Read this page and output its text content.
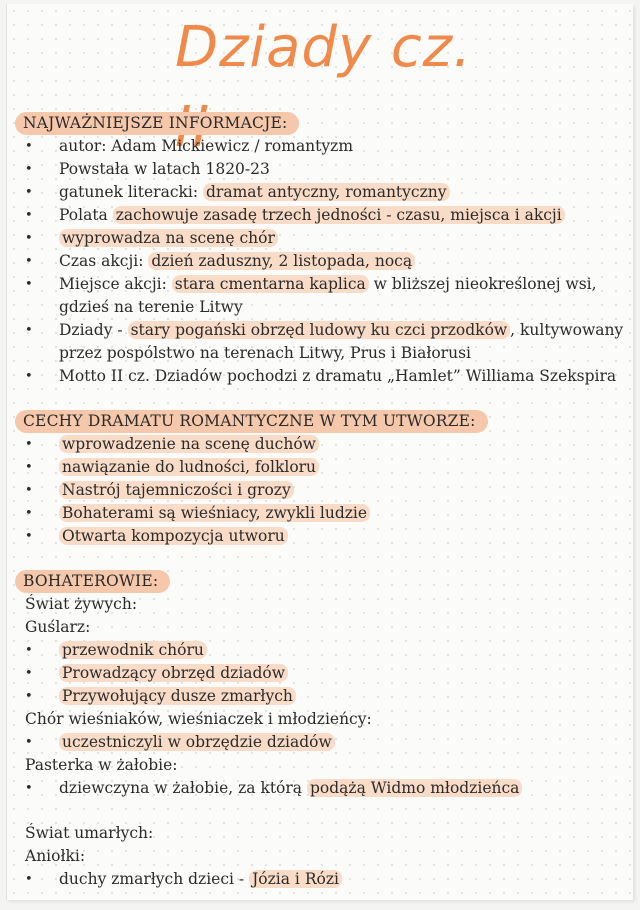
Dziady cz.
NAJWAŻNIEJSZE INFORMACJE:
• autor: Adam Mickiewicz / romantyzm
• Powstała w latach 1820-23
• gatunek literacki: dramat antyczny, romantyczny
• Polata zachowuje zasadę trzech jedności - czasu, miejsca i akcji
• wyprowadza na scenę chór
• Czas akcji: dzień zaduszny, 2 listopada, nocą
• Miejsce akcji: stara cmentarna kaplica w bliższej nieokreślonej wsi, gdzieś na terenie Litwy
• Dziady - stary pogański obrzęd ludowy ku czci przodków , kultywowany przez pospólstwo na terenach Litwy, Prus i Białorusi
• Motto II cz. Dziadów pochodzi z dramatu „Hamlet” Williama Szekspira
CECHY DRAMATU ROMANTYCZNE W TYM UTWORZE:
• wprowadzenie na scenę duchów
• nawiązanie do ludności, folkloru
• Nastrój tajemniczości i grozy
• Bohaterami są wieśniacy, zwykli ludzie
• Otwarta kompozycja utworu
BOHATEROWIE:
Świat żywych:
Guślarz:
• przewodnik chóru
• Prowadzący obrzęd dziadów
• Przywołujący dusze zmarłych
Chór wieśniaków, wieśniaczek i młodzieńcy:
• uczestniczyli w obrzędzie dziadów
Pasterka w żałobie:
• dziewczyna w żałobie, za którą podążą Widmo młodzieńca
Świat umarłych:
Aniołki:
• duchy zmarłych dzieci - Józia i Rózi
